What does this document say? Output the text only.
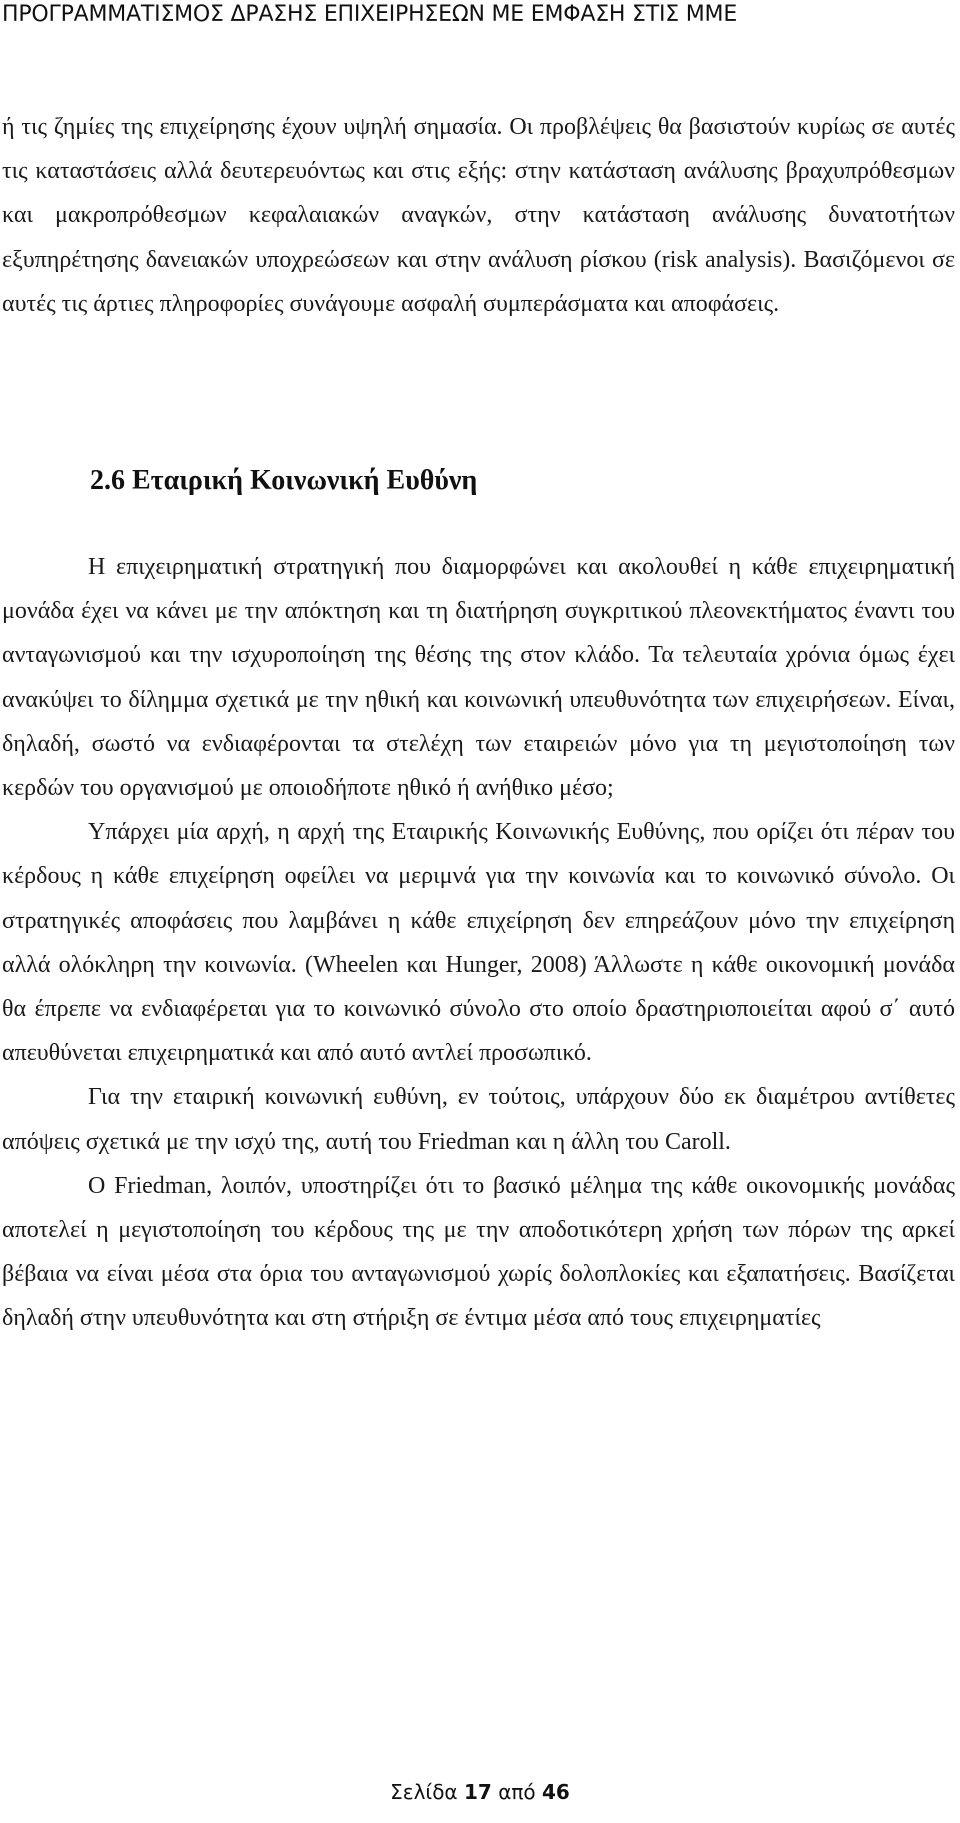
ΠΡΟΓΡΑΜΜΑΤΙΣΜΟΣ ΔΡΑΣΗΣ ΕΠΙΧΕΙΡΗΣΕΩΝ ΜΕ ΕΜΦΑΣΗ ΣΤΙΣ ΜΜΕ

ή τις ζημίες της επιχείρησης έχουν υψηλή σημασία. Οι προβλέψεις θα βασιστούν κυρίως σε αυτές τις καταστάσεις αλλά δευτερευόντως και στις εξής: στην κατάσταση ανάλυσης βραχυπρόθεσμων και μακροπρόθεσμων κεφαλαιακών αναγκών, στην κατάσταση ανάλυσης δυνατοτήτων εξυπηρέτησης δανειακών υποχρεώσεων και στην ανάλυση ρίσκου (risk analysis). Βασιζόμενοι σε αυτές τις άρτιες πληροφορίες συνάγουμε ασφαλή συμπεράσματα και αποφάσεις.

2.6 Εταιρική Κοινωνική Ευθύνη

Η επιχειρηματική στρατηγική που διαμορφώνει και ακολουθεί η κάθε επιχειρηματική μονάδα έχει να κάνει με την απόκτηση και τη διατήρηση συγκριτικού πλεονεκτήματος έναντι του ανταγωνισμού και την ισχυροποίηση της θέσης της στον κλάδο. Τα τελευταία χρόνια όμως έχει ανακύψει το δίλημμα σχετικά με την ηθική και κοινωνική υπευθυνότητα των επιχειρήσεων. Είναι, δηλαδή, σωστό να ενδιαφέρονται τα στελέχη των εταιρειών μόνο για τη μεγιστοποίηση των κερδών του οργανισμού με οποιοδήποτε ηθικό ή ανήθικο μέσο;

Υπάρχει μία αρχή, η αρχή της Εταιρικής Κοινωνικής Ευθύνης, που ορίζει ότι πέραν του κέρδους η κάθε επιχείρηση οφείλει να μεριμνά για την κοινωνία και το κοινωνικό σύνολο. Οι στρατηγικές αποφάσεις που λαμβάνει η κάθε επιχείρηση δεν επηρεάζουν μόνο την επιχείρηση αλλά ολόκληρη την κοινωνία. (Wheelen και Hunger, 2008) Άλλωστε η κάθε οικονομική μονάδα θα έπρεπε να ενδιαφέρεται για το κοινωνικό σύνολο στο οποίο δραστηριοποιείται αφού σ΄ αυτό απευθύνεται επιχειρηματικά και από αυτό αντλεί προσωπικό.

Για την εταιρική κοινωνική ευθύνη, εν τούτοις, υπάρχουν δύο εκ διαμέτρου αντίθετες απόψεις σχετικά με την ισχύ της, αυτή του Friedman και η άλλη του Caroll.

Ο Friedman, λοιπόν, υποστηρίζει ότι το βασικό μέλημα της κάθε οικονομικής μονάδας αποτελεί η μεγιστοποίηση του κέρδους της με την αποδοτικότερη χρήση των πόρων της αρκεί βέβαια να είναι μέσα στα όρια του ανταγωνισμού χωρίς δολοπλοκίες και εξαπατήσεις. Βασίζεται δηλαδή στην υπευθυνότητα και στη στήριξη σε έντιμα μέσα από τους επιχειρηματίες

Σελίδα 17 από 46
